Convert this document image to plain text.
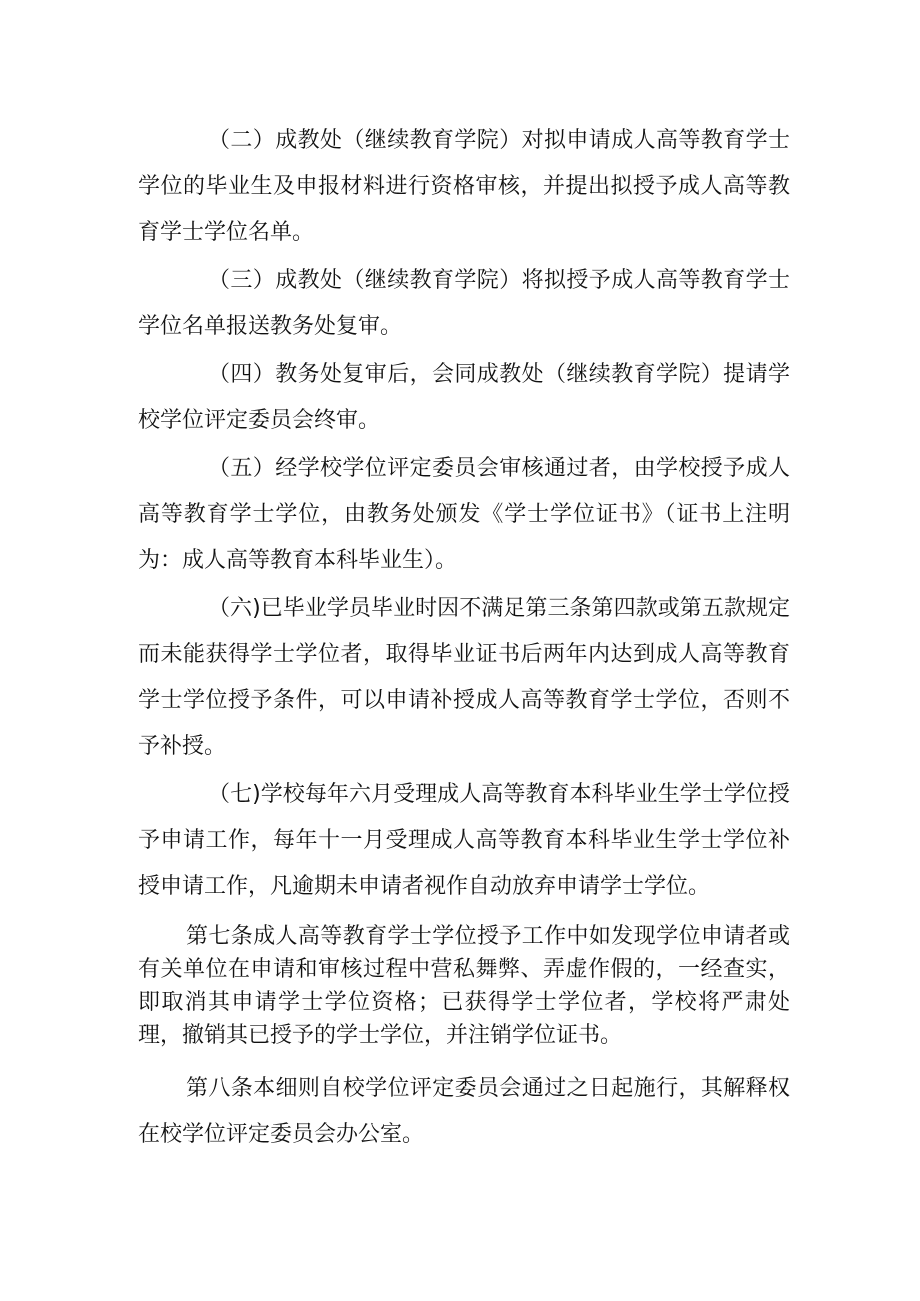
（二）成教处（继续教育学院）对拟申请成人高等教育学士学位的毕业生及申报材料进行资格审核，并提出拟授予成人高等教育学士学位名单。

（三）成教处（继续教育学院）将拟授予成人高等教育学士学位名单报送教务处复审。

（四）教务处复审后，会同成教处（继续教育学院）提请学校学位评定委员会终审。

（五）经学校学位评定委员会审核通过者，由学校授予成人高等教育学士学位，由教务处颁发《学士学位证书》（证书上注明为：成人高等教育本科毕业生）。

（六)已毕业学员毕业时因不满足第三条第四款或第五款规定而未能获得学士学位者，取得毕业证书后两年内达到成人高等教育学士学位授予条件，可以申请补授成人高等教育学士学位，否则不予补授。

（七)学校每年六月受理成人高等教育本科毕业生学士学位授予申请工作，每年十一月受理成人高等教育本科毕业生学士学位补授申请工作，凡逾期未申请者视作自动放弃申请学士学位。

第七条成人高等教育学士学位授予工作中如发现学位申请者或有关单位在申请和审核过程中营私舞弊、弄虚作假的，一经查实，即取消其申请学士学位资格；已获得学士学位者，学校将严肃处理，撤销其已授予的学士学位，并注销学位证书。

第八条本细则自校学位评定委员会通过之日起施行，其解释权在校学位评定委员会办公室。
